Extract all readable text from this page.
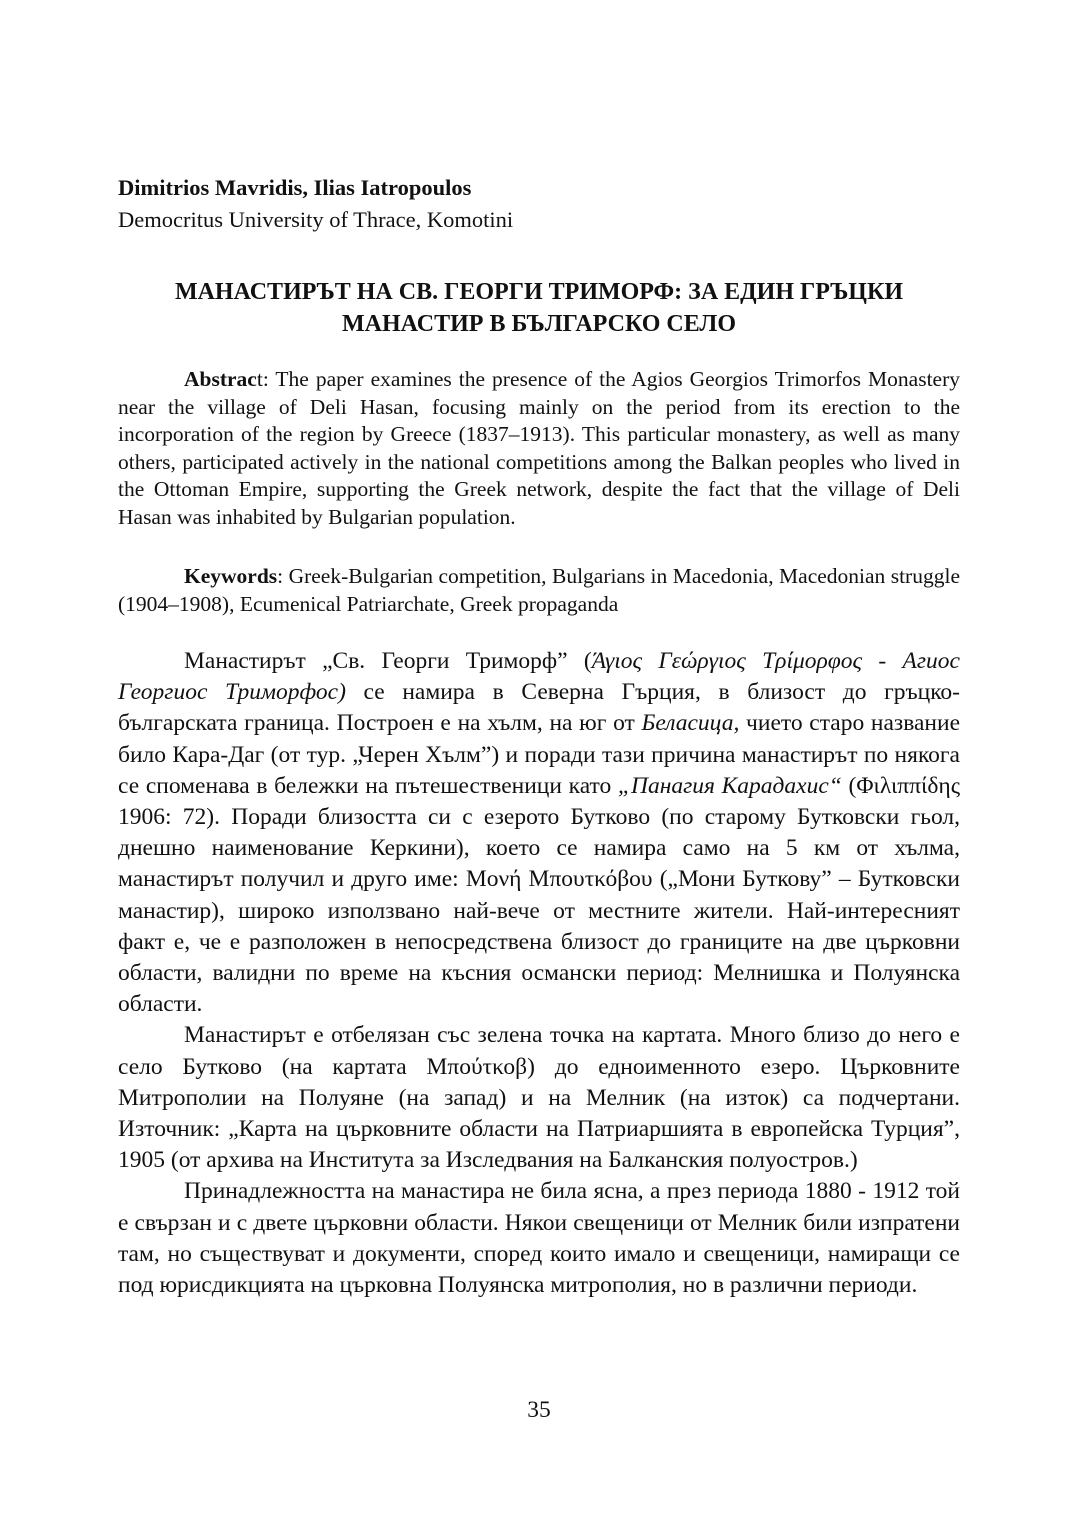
Dimitrios Mavridis, Ilias Iatropoulos
Democritus University of Thrace, Komotini
МАНАСТИРЪТ НА СВ. ГЕОРГИ ТРИМОРФ: ЗА ЕДИН ГРЪЦКИ
МАНАСТИР В БЪЛГАРСКО СЕЛО
Abstract: The paper examines the presence of the Agios Georgios Trimorfos Monastery near the village of Deli Hasan, focusing mainly on the period from its erection to the incorporation of the region by Greece (1837–1913). This particular monastery, as well as many others, participated actively in the national competitions among the Balkan peoples who lived in the Ottoman Empire, supporting the Greek network, despite the fact that the village of Deli Hasan was inhabited by Bulgarian population.
Keywords: Greek-Bulgarian competition, Bulgarians in Macedonia, Macedonian struggle (1904–1908), Ecumenical Patriarchate, Greek propaganda

Манастирът „Св. Георги Триморф” (Άγιος Γεώργιος Τρίμορφος - Агиос Георгиос Триморфос) се намира в Северна Гърция, в близост до гръцко-българската граница. Построен е на хълм, на юг от Беласица, чието старо название било Кара-Даг (от тур. „Черен Хълм”) и поради тази причина манастирът по някога се споменава в бележки на пътешественици като „Панагия Карадахис“ (Φιλιππίδης 1906: 72). Поради близостта си с езерото Бутково (по старому Бутковски гьол, днешно наименование Керкини), което се намира само на 5 км от хълма, манастирът получил и друго име: Μονή Μπουτκόβου („Мони Буткову” – Бутковски манастир), широко използвано най-вече от местните жители. Най-интересният факт е, че е разположен в непосредствена близост до границите на две църковни области, валидни по време на късния османски период: Мелнишка и Полуянска области.

Манастирът е отбелязан със зелена точка на картата. Много близо до него е село Бутково (на картата Μπούτκοβ) до едноименното езеро. Църковните Митрополии на Полуяне (на запад) и на Мелник (на изток) са подчертани. Източник: „Карта на църковните области на Патриаршията в европейска Турция”, 1905 (от архива на Института за Изследвания на Балканския полуостров.)

Принадлежността на манастира не била ясна, а през периода 1880 - 1912 той е свързан и с двете църковни области. Някои свещеници от Мелник били изпратени там, но съществуват и документи, според които имало и свещеници, намиращи се под юрисдикцията на църковна Полуянска митрополия, но в различни периоди.

35
